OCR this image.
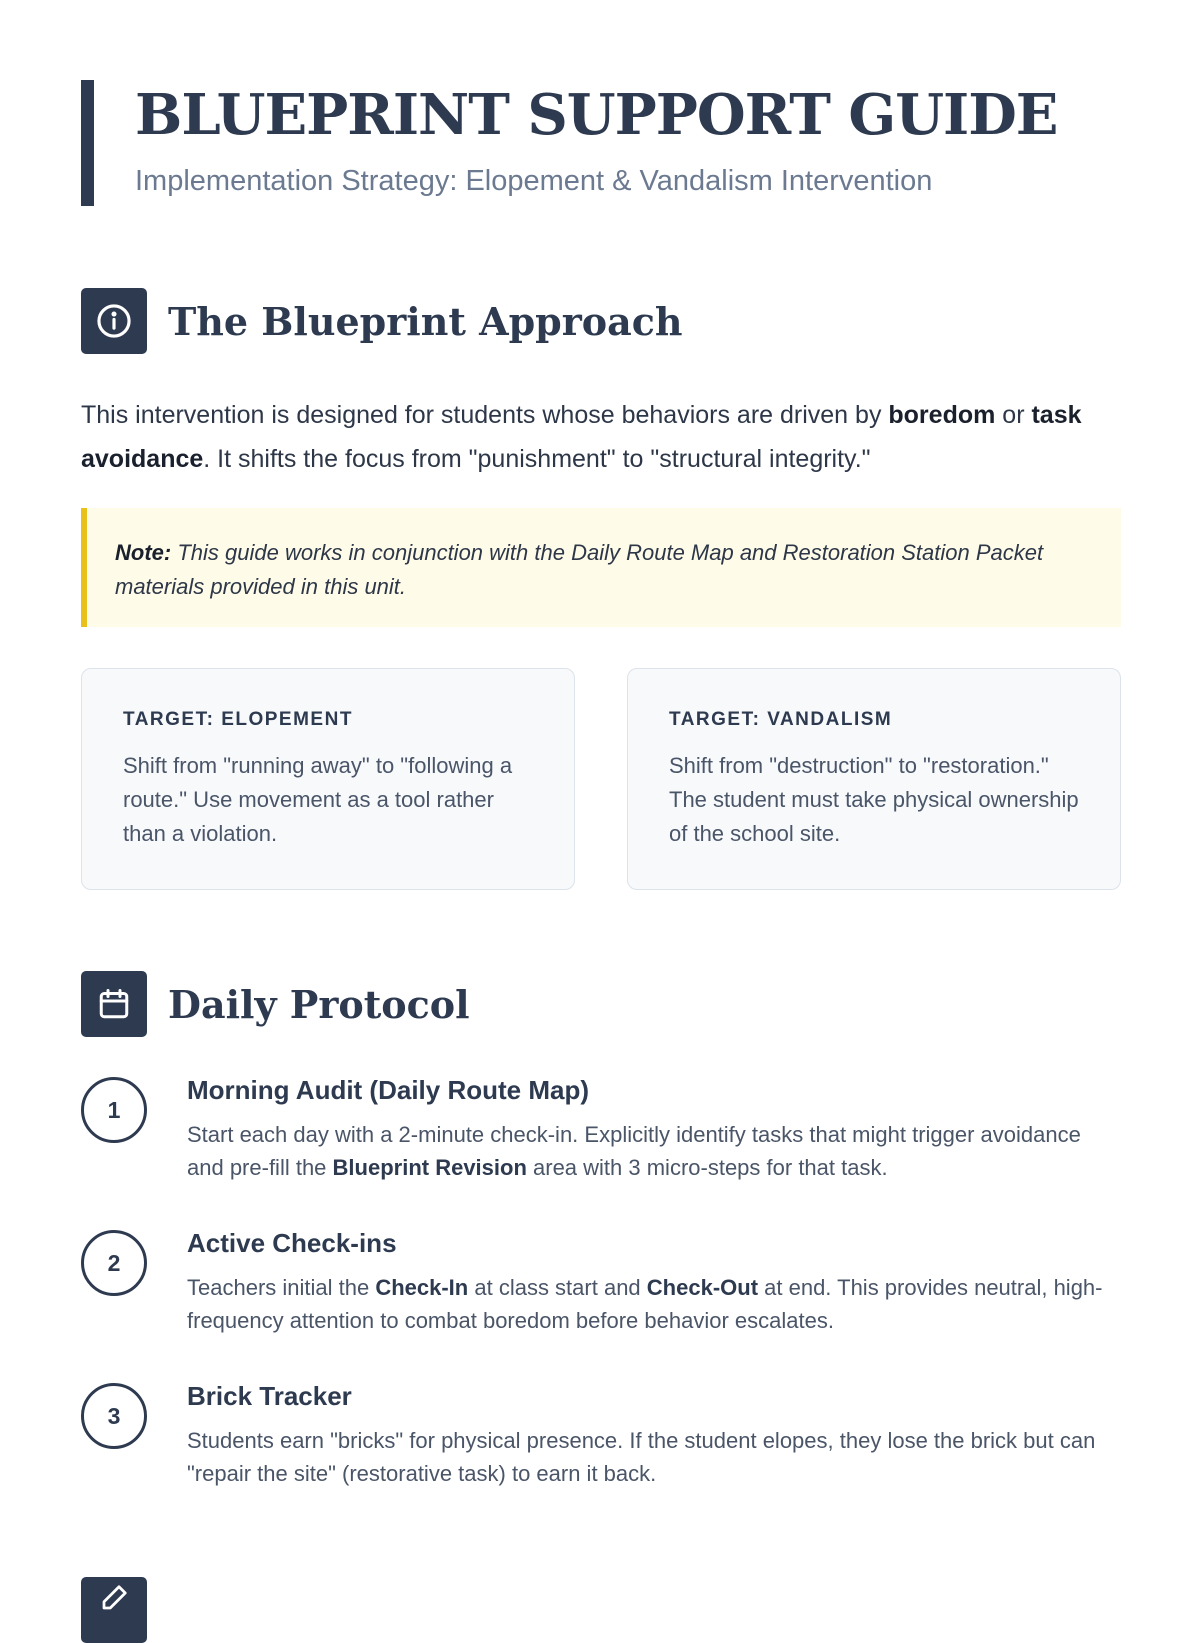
BLUEPRINT SUPPORT GUIDE

Implementation Strategy: Elopement & Vandalism Intervention

The Blueprint Approach

This intervention is designed for students whose behaviors are driven by boredom or task avoidance. It shifts the focus from "punishment" to "structural integrity."

Note: This guide works in conjunction with the Daily Route Map and Restoration Station Packet materials provided in this unit.

TARGET: ELOPEMENT

Shift from "running away" to "following a route." Use movement as a tool rather than a violation.

TARGET: VANDALISM

Shift from "destruction" to "restoration." The student must take physical ownership of the school site.

Daily Protocol
1
Morning Audit (Daily Route Map)

Start each day with a 2-minute check-in. Explicitly identify tasks that might trigger avoidance and pre-fill the Blueprint Revision area with 3 micro-steps for that task.

2
Active Check-ins

Teachers initial the Check-In at class start and Check-Out at end. This provides neutral, high-frequency attention to combat boredom before behavior escalates.

3
Brick Tracker

Students earn "bricks" for physical presence. If the student elopes, they lose the brick but can "repair the site" (restorative task) to earn it back.
